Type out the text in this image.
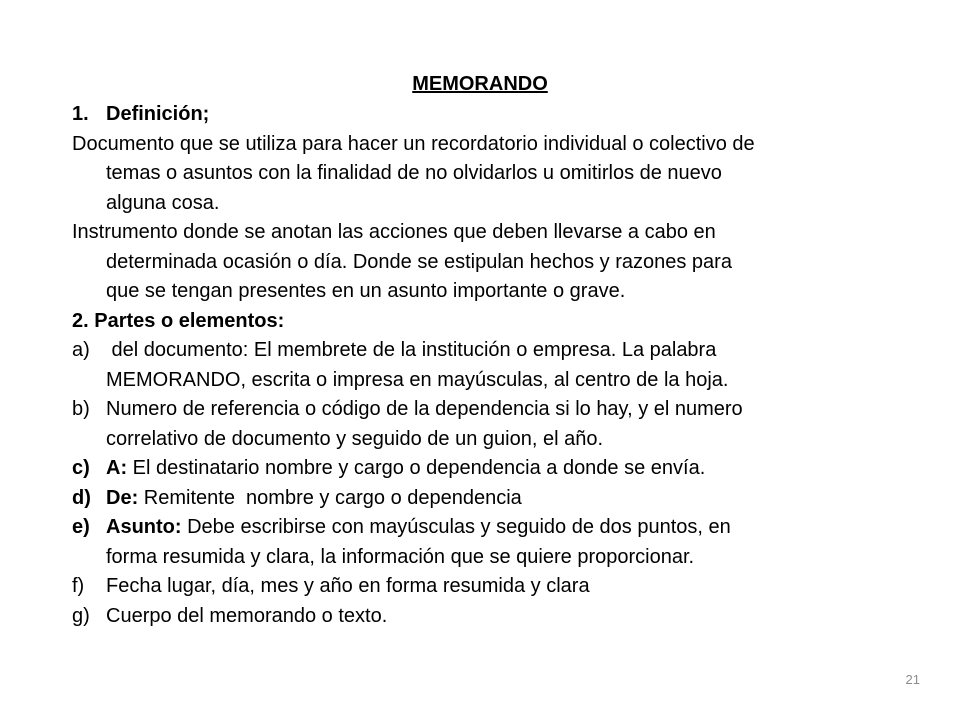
MEMORANDO
1. Definición;
Documento que se utiliza para hacer un recordatorio individual o colectivo de
temas o asuntos con la finalidad de no olvidarlos u omitirlos de nuevo
alguna cosa.
Instrumento donde se anotan las acciones que deben llevarse a cabo en
determinada ocasión o día. Donde se estipulan hechos y razones para
que se tengan presentes en un asunto importante o grave.
2. Partes o elementos:
a) del documento: El membrete de la institución o empresa. La palabra
MEMORANDO, escrita o impresa en mayúsculas, al centro de la hoja.
b) Numero de referencia o código de la dependencia si lo hay, y el numero
correlativo de documento y seguido de un guion, el año.
c) A: El destinatario nombre y cargo o dependencia a donde se envía.
d) De: Remitente  nombre y cargo o dependencia
e) Asunto: Debe escribirse con mayúsculas y seguido de dos puntos, en
forma resumida y clara, la información que se quiere proporcionar.
f)	Fecha lugar, día, mes y año en forma resumida y clara
g) Cuerpo del memorando o texto.
21
